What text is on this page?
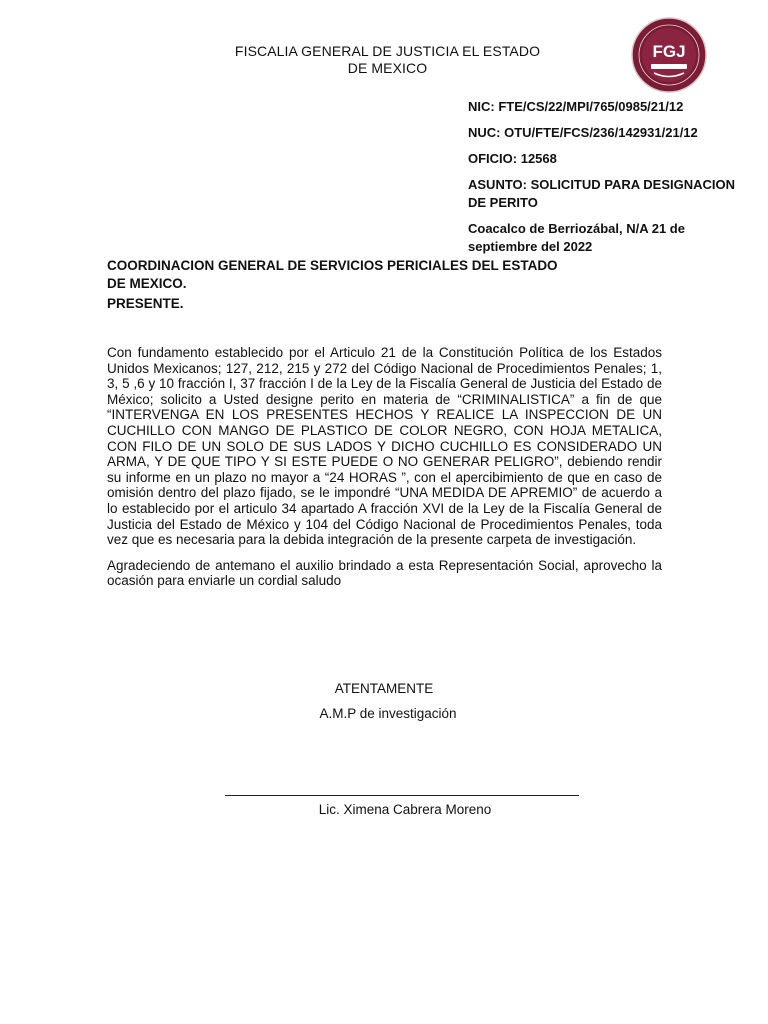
FISCALIA GENERAL DE JUSTICIA EL ESTADO
DE MEXICO
FGJ
NIC: FTE/CS/22/MPI/765/0985/21/12
NUC: OTU/FTE/FCS/236/142931/21/12
OFICIO: 12568
ASUNTO: SOLICITUD PARA DESIGNACION DE PERITO
Coacalco de Berriozábal, N/A 21 de septiembre del 2022
COORDINACION GENERAL DE SERVICIOS PERICIALES DEL ESTADO DE MEXICO.
PRESENTE.

Con fundamento establecido por el Articulo 21 de la Constitución Política de los Estados Unidos Mexicanos; 127, 212, 215 y 272 del Código Nacional de Procedimientos Penales; 1, 3, 5 ,6 y 10 fracción I, 37 fracción I de la Ley de la Fiscalía General de Justicia del Estado de México; solicito a Usted designe perito en materia de “CRIMINALISTICA” a fin de que “INTERVENGA EN LOS PRESENTES HECHOS Y REALICE LA INSPECCION DE UN CUCHILLO CON MANGO DE PLASTICO DE COLOR NEGRO, CON HOJA METALICA, CON FILO DE UN SOLO DE SUS LADOS Y DICHO CUCHILLO ES CONSIDERADO UN ARMA, Y DE QUE TIPO Y SI ESTE PUEDE O NO GENERAR PELIGRO”, debiendo rendir su informe en un plazo no mayor a “24 HORAS ”, con el apercibimiento de que en caso de omisión dentro del plazo fijado, se le impondré “UNA MEDIDA DE APREMIO” de acuerdo a lo establecido por el articulo 34 apartado A fracción XVI de la Ley de la Fiscalía General de Justicia del Estado de México y 104 del Código Nacional de Procedimientos Penales, toda vez que es necesaria para la debida integración de la presente carpeta de investigación.

Agradeciendo de antemano el auxilio brindado a esta Representación Social, aprovecho la ocasión para enviarle un cordial saludo

ATENTAMENTE
A.M.P de investigación
Lic. Ximena Cabrera Moreno
